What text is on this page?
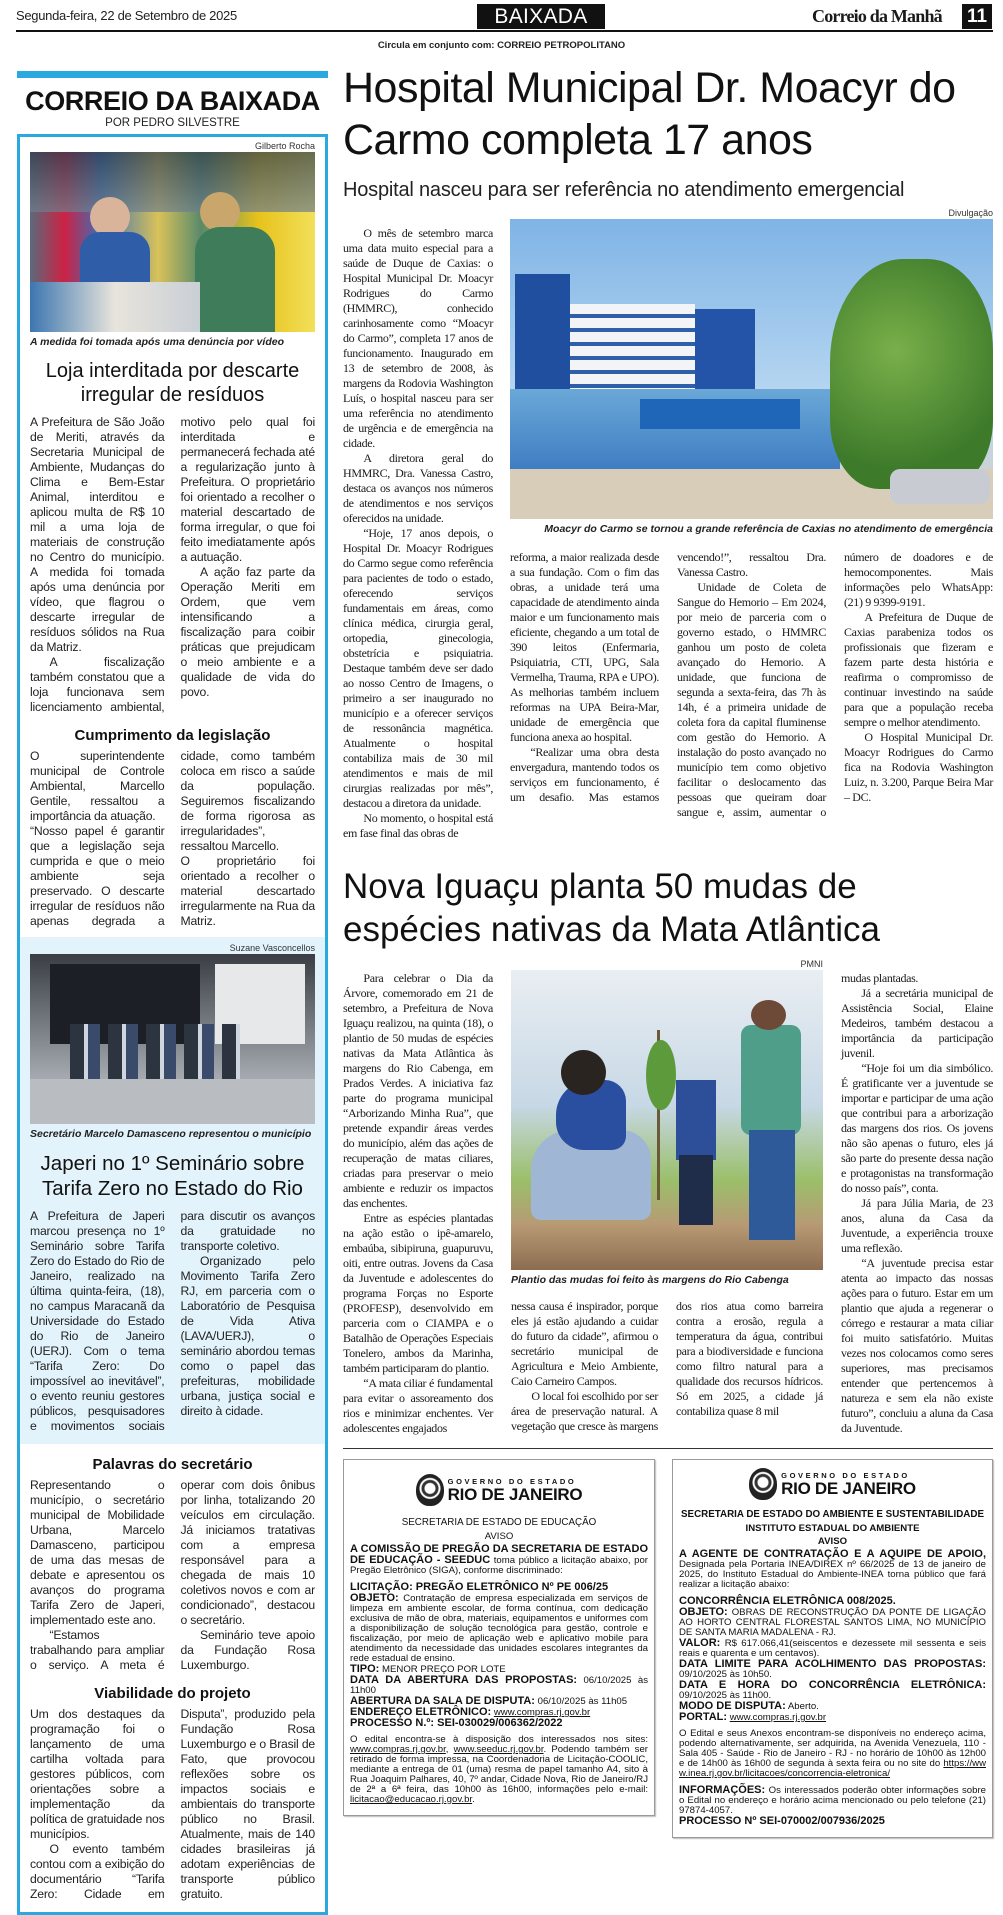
Segunda-feira, 22 de Setembro de 2025	BAIXADA	Correio da Manhã 11
Circula em conjunto com: CORREIO PETROPOLITANO
CORREIO DA BAIXADA
POR PEDRO SILVESTRE
Gilberto Rocha
A medida foi tomada após uma denúncia por vídeo
Loja interditada por descarte irregular de resíduos

A Prefeitura de São João de Meriti, através da Secretaria Municipal de Ambiente, Mudanças do Clima e Bem-Estar Animal, interditou e aplicou multa de R$ 10 mil a uma loja de materiais de construção no Centro do município. A medida foi tomada após uma denúncia por vídeo, que flagrou o descarte irregular de resíduos sólidos na Rua da Matriz.

A fiscalização também constatou que a loja funcionava sem licenciamento ambiental, motivo pelo qual foi interditada e permanecerá fechada até a regularização junto à Prefeitura. O proprietário foi orientado a recolher o material descartado de forma irregular, o que foi feito imediatamente após a autuação.

A ação faz parte da Operação Meriti em Ordem, que vem intensificando a fiscalização para coibir práticas que prejudicam o meio ambiente e a qualidade de vida do povo.

Cumprimento da legislação

O superintendente municipal de Controle Ambiental, Marcello Gentile, ressaltou a importância da atuação.

“Nosso papel é garantir que a legislação seja cumprida e que o meio ambiente seja preservado. O descarte irregular de resíduos não apenas degrada a cidade, como também coloca em risco a saúde da população. Seguiremos fiscalizando de forma rigorosa as irregularidades”, ressaltou Marcello.

O proprietário foi orientado a recolher o material descartado irregularmente na Rua da Matriz.

Suzane Vasconcellos
Secretário Marcelo Damasceno representou o município
Japeri no 1º Seminário sobre Tarifa Zero no Estado do Rio

A Prefeitura de Japeri marcou presença no 1º Seminário sobre Tarifa Zero do Estado do Rio de Janeiro, realizado na última quinta-feira, (18), no campus Maracanã da Universidade do Estado do Rio de Janeiro (UERJ). Com o tema “Tarifa Zero: Do impossível ao inevitável”, o evento reuniu gestores públicos, pesquisadores e movimentos sociais para discutir os avanços da gratuidade no transporte coletivo.

Organizado pelo Movimento Tarifa Zero RJ, em parceria com o Laboratório de Pesquisa de Vida Ativa (LAVA/UERJ), o seminário abordou temas como o papel das prefeituras, mobilidade urbana, justiça social e direito à cidade.

Palavras do secretário

Representando o município, o secretário municipal de Mobilidade Urbana, Marcelo Damasceno, participou de uma das mesas de debate e apresentou os avanços do programa Tarifa Zero de Japeri, implementado este ano.

“Estamos trabalhando para ampliar o serviço. A meta é operar com dois ônibus por linha, totalizando 20 veículos em circulação. Já iniciamos tratativas com a empresa responsável para a chegada de mais 10 coletivos novos e com ar condicionado”, destacou o secretário.

Seminário teve apoio da Fundação Rosa Luxemburgo.

Viabilidade do projeto

Um dos destaques da programação foi o lançamento de uma cartilha voltada para gestores públicos, com orientações sobre a implementação da política de gratuidade nos municípios.

O evento também contou com a exibição do documentário “Tarifa Zero: Cidade em Disputa”, produzido pela Fundação Rosa Luxemburgo e o Brasil de Fato, que provocou reflexões sobre os impactos sociais e ambientais do transporte público no Brasil. Atualmente, mais de 140 cidades brasileiras já adotam experiências de transporte público gratuito.

Hospital Municipal Dr. Moacyr do Carmo completa 17 anos
Hospital nasceu para ser referência no atendimento emergencial

O mês de setembro marca uma data muito especial para a saúde de Duque de Caxias: o Hospital Municipal Dr. Moacyr Rodrigues do Carmo (HMMRC), conhecido carinhosamente como “Moacyr do Carmo”, completa 17 anos de funcionamento. Inaugurado em 13 de setembro de 2008, às margens da Rodovia Washington Luís, o hospital nasceu para ser uma referência no atendimento de urgência e de emergência na cidade.

A diretora geral do HMMRC, Dra. Vanessa Castro, destaca os avanços nos números de atendimentos e nos serviços oferecidos na unidade.

“Hoje, 17 anos depois, o Hospital Dr. Moacyr Rodrigues do Carmo segue como referência para pacientes de todo o estado, oferecendo serviços fundamentais em áreas, como clínica médica, cirurgia geral, ortopedia, ginecologia, obstetrícia e psiquiatria. Destaque também deve ser dado ao nosso Centro de Imagens, o primeiro a ser inaugurado no município e a oferecer serviços de ressonância magnética. Atualmente o hospital contabiliza mais de 30 mil atendimentos e mais de mil cirurgias realizadas por mês”, destacou a diretora da unidade.

No momento, o hospital está em fase final das obras de

Divulgação
Moacyr do Carmo se tornou a grande referência de Caxias no atendimento de emergência

reforma, a maior realizada desde a sua fundação. Com o fim das obras, a unidade terá uma capacidade de atendimento ainda maior e um funcionamento mais eficiente, chegando a um total de 390 leitos (Enfermaria, Psiquiatria, CTI, UPG, Sala Vermelha, Trauma, RPA e UPO). As melhorias também incluem reformas na UPA Beira-Mar, unidade de emergência que funciona anexa ao hospital.

“Realizar uma obra desta envergadura, mantendo todos os serviços em funcionamento, é um desafio. Mas estamos vencendo!”, ressaltou Dra. Vanessa Castro.

Unidade de Coleta de Sangue do Hemorio – Em 2024, por meio de parceria com o governo estado, o HMMRC ganhou um posto de coleta avançado do Hemorio. A unidade, que funciona de segunda a sexta-feira, das 7h às 14h, é a primeira unidade de coleta fora da capital fluminense com gestão do Hemorio. A instalação do posto avançado no município tem como objetivo facilitar o deslocamento das pessoas que queiram doar sangue e, assim, aumentar o número de doadores e de hemocomponentes. Mais informações pelo WhatsApp: (21) 9 9399-9191.

A Prefeitura de Duque de Caxias parabeniza todos os profissionais que fizeram e fazem parte desta história e reafirma o compromisso de continuar investindo na saúde para que a população receba sempre o melhor atendimento.

O Hospital Municipal Dr. Moacyr Rodrigues do Carmo fica na Rodovia Washington Luiz, n. 3.200, Parque Beira Mar – DC.

Nova Iguaçu planta 50 mudas de espécies nativas da Mata Atlântica

Para celebrar o Dia da Árvore, comemorado em 21 de setembro, a Prefeitura de Nova Iguaçu realizou, na quinta (18), o plantio de 50 mudas de espécies nativas da Mata Atlântica às margens do Rio Cabenga, em Prados Verdes. A iniciativa faz parte do programa municipal “Arborizando Minha Rua”, que pretende expandir áreas verdes do município, além das ações de recuperação de matas ciliares, criadas para preservar o meio ambiente e reduzir os impactos das enchentes.

Entre as espécies plantadas na ação estão o ipê-amarelo, embaúba, sibipiruna, guapuruvu, oiti, entre outras. Jovens da Casa da Juventude e adolescentes do programa Forças no Esporte (PROFESP), desenvolvido em parceria com o CIAMPA e o Batalhão de Operações Especiais Tonelero, ambos da Marinha, também participaram do plantio.

“A mata ciliar é fundamental para evitar o assoreamento dos rios e minimizar enchentes. Ver adolescentes engajados

PMNI
Plantio das mudas foi feito às margens do Rio Cabenga

nessa causa é inspirador, porque eles já estão ajudando a cuidar do futuro da cidade”, afirmou o secretário municipal de Agricultura e Meio Ambiente, Caio Carneiro Campos.

O local foi escolhido por ser área de preservação natural. A vegetação que cresce às margens dos rios atua como barreira contra a erosão, regula a temperatura da água, contribui para a biodiversidade e funciona como filtro natural para a qualidade dos recursos hídricos. Só em 2025, a cidade já contabiliza quase 8 mil

mudas plantadas.

Já a secretária municipal de Assistência Social, Elaine Medeiros, também destacou a importância da participação juvenil.

“Hoje foi um dia simbólico. É gratificante ver a juventude se importar e participar de uma ação que contribui para a arborização das margens dos rios. Os jovens não são apenas o futuro, eles já são parte do presente dessa nação e protagonistas na transformação do nosso país”, conta.

Já para Júlia Maria, de 23 anos, aluna da Casa da Juventude, a experiência trouxe uma reflexão.

“A juventude precisa estar atenta ao impacto das nossas ações para o futuro. Estar em um plantio que ajuda a regenerar o córrego e restaurar a mata ciliar foi muito satisfatório. Muitas vezes nos colocamos como seres superiores, mas precisamos entender que pertencemos à natureza e sem ela não existe futuro”, concluiu a aluna da Casa da Juventude.

GOVERNO DO ESTADO
RIO DE JANEIRO
SECRETARIA DE ESTADO DE EDUCAÇÃO
AVISO
A COMISSÃO DE PREGÃO DA SECRETARIA DE ESTADO DE EDUCAÇÃO - SEEDUC toma público a licitação abaixo, por Pregão Eletrônico (SIGA), conforme discriminado:
LICITAÇÃO: PREGÃO ELETRÔNICO Nº PE 006/25
OBJETO: Contratação de empresa especializada em serviços de limpeza em ambiente escolar, de forma contínua, com dedicação exclusiva de mão de obra, materiais, equipamentos e uniformes com a disponibilização de solução tecnológica para gestão, controle e fiscalização, por meio de aplicação web e aplicativo mobile para atendimento da necessidade das unidades escolares integrantes da rede estadual de ensino.
TIPO: MENOR PREÇO POR LOTE
DATA DA ABERTURA DAS PROPOSTAS: 06/10/2025 às 11h00
ABERTURA DA SALA DE DISPUTA: 06/10/2025 às 11h05
ENDEREÇO ELETRÔNICO: www.compras.rj.gov.br
PROCESSO N.º: SEI-030029/006362/2022
O edital encontra-se à disposição dos interessados nos sites: www.compras.rj.gov.br, www.seeduc.rj.gov.br. Podendo também ser retirado de forma impressa, na Coordenadoria de Licitação-COOLIC, mediante a entrega de 01 (uma) resma de papel tamanho A4, sito à Rua Joaquim Palhares, 40, 7º andar, Cidade Nova, Rio de Janeiro/RJ de 2ª a 6ª feira, das 10h00 às 16h00, informações pelo e-mail: licitacao@educacao.rj.gov.br.
GOVERNO DO ESTADO
RIO DE JANEIRO
SECRETARIA DE ESTADO DO AMBIENTE E SUSTENTABILIDADE
INSTITUTO ESTADUAL DO AMBIENTE
AVISO
A AGENTE DE CONTRATAÇÃO E A AQUIPE DE APOIO, Designada pela Portaria INEA/DIREX nº 66/2025 de 13 de janeiro de 2025, do Instituto Estadual do Ambiente-INEA torna público que fará realizar a licitação abaixo:
CONCORRÊNCIA ELETRÔNICA 008/2025.
OBJETO: OBRAS DE RECONSTRUÇÃO DA PONTE DE LIGAÇÃO AO HORTO CENTRAL FLORESTAL SANTOS LIMA, NO MUNICÍPIO DE SANTA MARIA MADALENA - RJ.
VALOR: R$ 617.066,41(seiscentos e dezessete mil sessenta e seis reais e quarenta e um centavos).
DATA LIMITE PARA ACOLHIMENTO DAS PROPOSTAS: 09/10/2025 às 10h50.
DATA E HORA DO CONCORRÊNCIA ELETRÔNICA: 09/10/2025 às 11h00.
MODO DE DISPUTA: Aberto.
PORTAL: www.compras.rj.gov.br
O Edital e seus Anexos encontram-se disponíveis no endereço acima, podendo alternativamente, ser adquirida, na Avenida Venezuela, 110 - Sala 405 - Saúde - Rio de Janeiro - RJ - no horário de 10h00 às 12h00 e de 14h00 às 16h00 de segunda à sexta feira ou no site do https://www.inea.rj.gov.br/licitacoes/concorrencia-eletronica/
INFORMAÇÕES: Os interessados poderão obter informações sobre o Edital no endereço e horário acima mencionado ou pelo telefone (21) 97874-4057.
PROCESSO Nº SEI-070002/007936/2025
